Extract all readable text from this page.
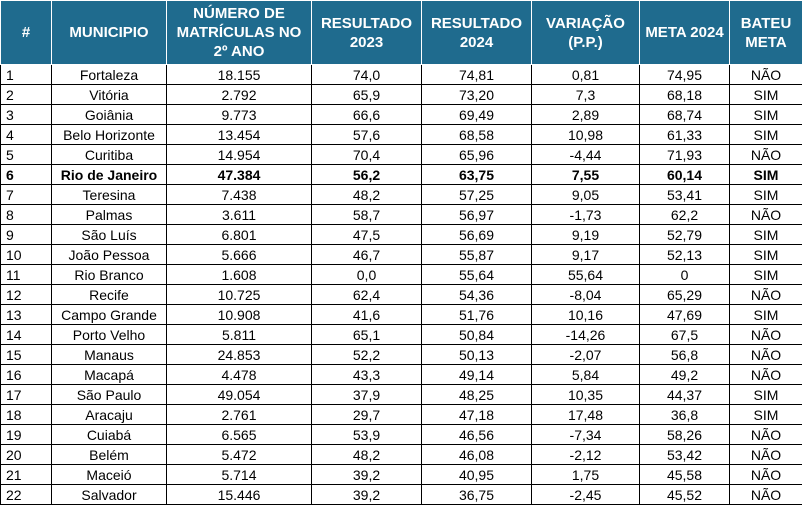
#	MUNICIPIO	NÚMERO DE MATRÍCULAS NO 2º ANO	RESULTADO 2023	RESULTADO 2024	VARIAÇÃO (P.P.)	META 2024	BATEU META
1	Fortaleza	18.155	74,0	74,81	0,81	74,95	NÃO
2	Vitória	2.792	65,9	73,20	7,3	68,18	SIM
3	Goiânia	9.773	66,6	69,49	2,89	68,74	SIM
4	Belo Horizonte	13.454	57,6	68,58	10,98	61,33	SIM
5	Curitiba	14.954	70,4	65,96	-4,44	71,93	NÃO
6	Rio de Janeiro	47.384	56,2	63,75	7,55	60,14	SIM
7	Teresina	7.438	48,2	57,25	9,05	53,41	SIM
8	Palmas	3.611	58,7	56,97	-1,73	62,2	NÃO
9	São Luís	6.801	47,5	56,69	9,19	52,79	SIM
10	João Pessoa	5.666	46,7	55,87	9,17	52,13	SIM
11	Rio Branco	1.608	0,0	55,64	55,64	0	SIM
12	Recife	10.725	62,4	54,36	-8,04	65,29	NÃO
13	Campo Grande	10.908	41,6	51,76	10,16	47,69	SIM
14	Porto Velho	5.811	65,1	50,84	-14,26	67,5	NÃO
15	Manaus	24.853	52,2	50,13	-2,07	56,8	NÃO
16	Macapá	4.478	43,3	49,14	5,84	49,2	NÃO
17	São Paulo	49.054	37,9	48,25	10,35	44,37	SIM
18	Aracaju	2.761	29,7	47,18	17,48	36,8	SIM
19	Cuiabá	6.565	53,9	46,56	-7,34	58,26	NÃO
20	Belém	5.472	48,2	46,08	-2,12	53,42	NÃO
21	Maceió	5.714	39,2	40,95	1,75	45,58	NÃO
22	Salvador	15.446	39,2	36,75	-2,45	45,52	NÃO
